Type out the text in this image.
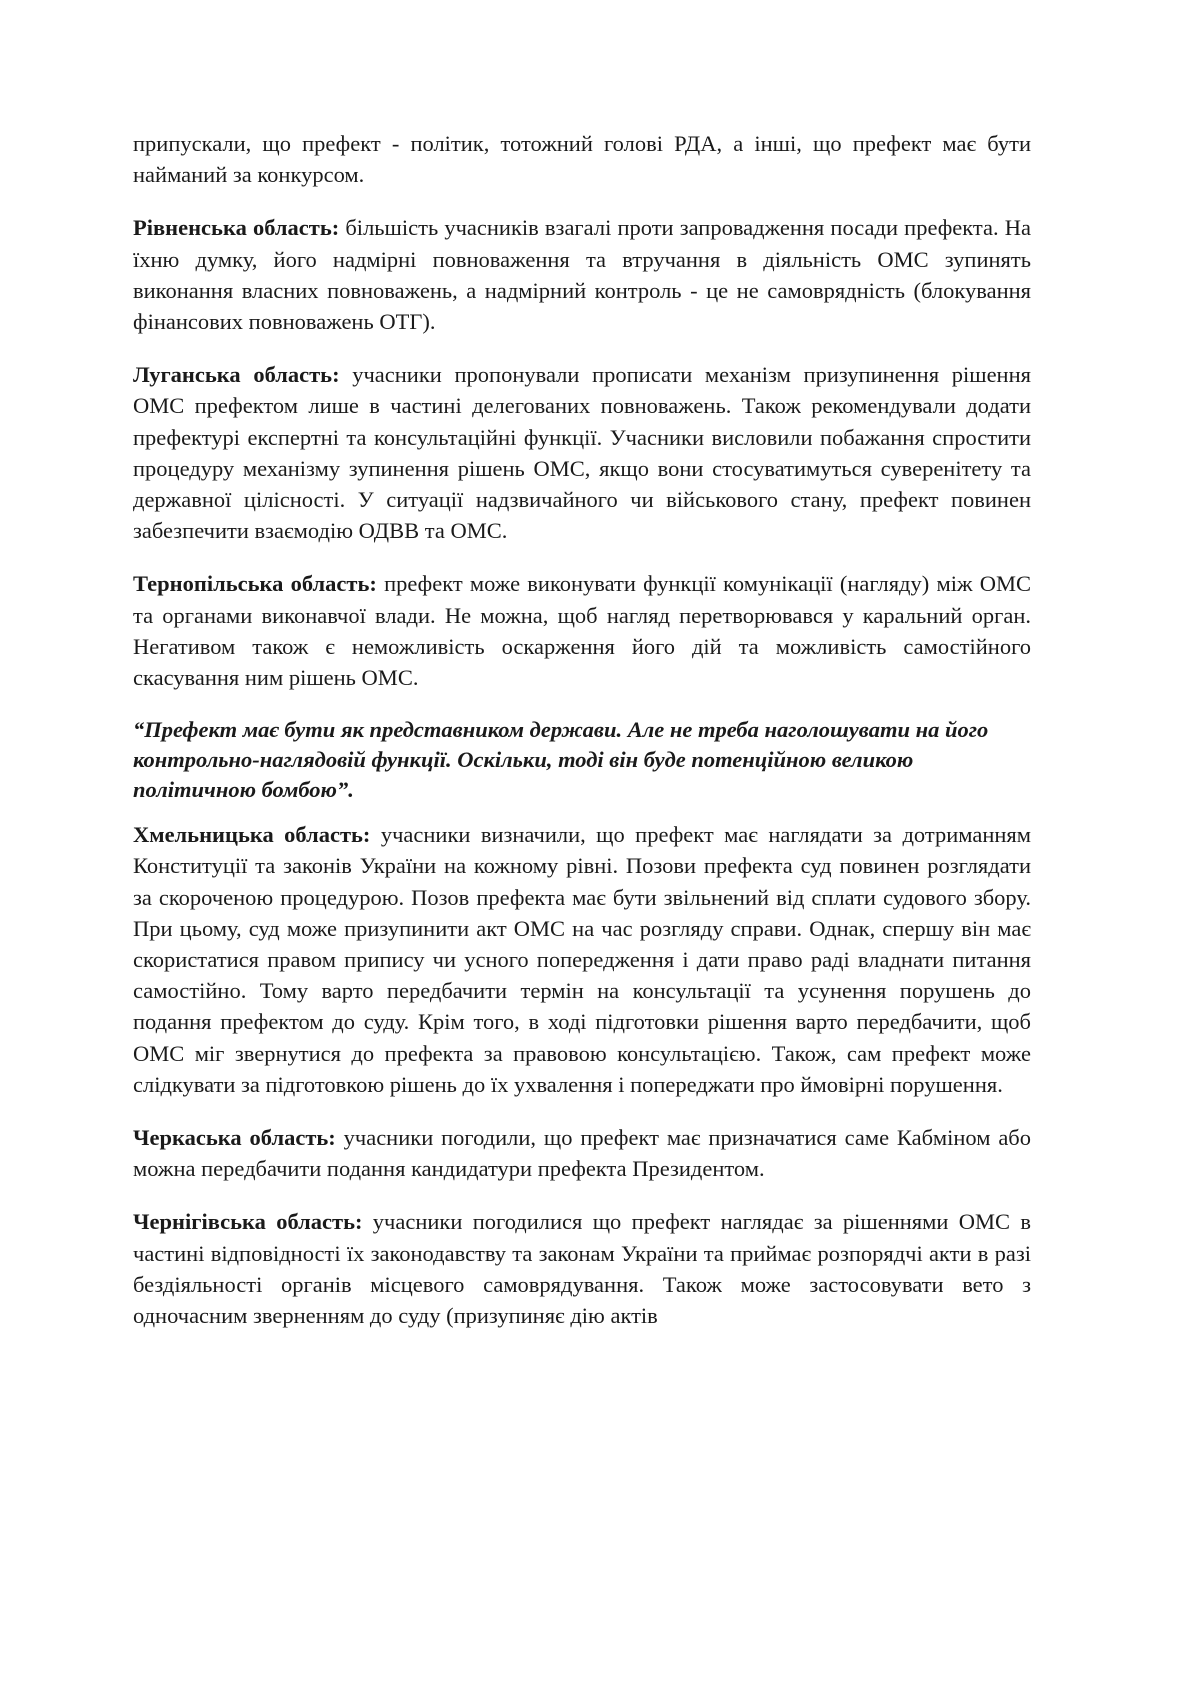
припускали, що префект - політик, тотожний голові РДА, а інші, що префект має бути найманий за конкурсом.

Рівненська область: більшість учасників взагалі проти запровадження посади префекта. На їхню думку, його надмірні повноваження та втручання в діяльність ОМС зупинять виконання власних повноважень, а надмірний контроль - це не самоврядність (блокування фінансових повноважень ОТГ).

Луганська область: учасники пропонували прописати механізм призупинення рішення ОМС префектом лише в частині делегованих повноважень. Також рекомендували додати префектурі експертні та консультаційні функції. Учасники висловили побажання спростити процедуру механізму зупинення рішень ОМС, якщо вони стосуватимуться суверенітету та державної цілісності. У ситуації надзвичайного чи військового стану, префект повинен забезпечити взаємодію ОДВВ та ОМС.

Тернопільська область: префект може виконувати функції комунікації (нагляду) між ОМС та органами виконавчої влади. Не можна, щоб нагляд перетворювався у каральний орган. Негативом також є неможливість оскарження його дій та можливість самостійного скасування ним рішень ОМС.

“Префект має бути як представником держави. Але не треба наголошувати на його контрольно-наглядовій функції. Оскільки, тоді він буде потенційною великою політичною бомбою”.

Хмельницька область: учасники визначили, що префект має наглядати за дотриманням Конституції та законів України на кожному рівні. Позови префекта суд повинен розглядати за скороченою процедурою. Позов префекта має бути звільнений від сплати судового збору. При цьому, суд може призупинити акт ОМС на час розгляду справи. Однак, спершу він має скористатися правом припису чи усного попередження і дати право раді владнати питання самостійно. Тому варто передбачити термін на консультації та усунення порушень до подання префектом до суду. Крім того, в ході підготовки рішення варто передбачити, щоб ОМС міг звернутися до префекта за правовою консультацією. Також, сам префект може слідкувати за підготовкою рішень до їх ухвалення і попереджати про ймовірні порушення.

Черкаська область: учасники погодили, що префект має призначатися саме Кабміном або можна передбачити подання кандидатури префекта Президентом.

Чернігівська область: учасники погодилися що префект наглядає за рішеннями ОМС в частині відповідності їх законодавству та законам України та приймає розпорядчі акти в разі бездіяльності органів місцевого самоврядування. Також може застосовувати вето з одночасним зверненням до суду (призупиняє дію актів
